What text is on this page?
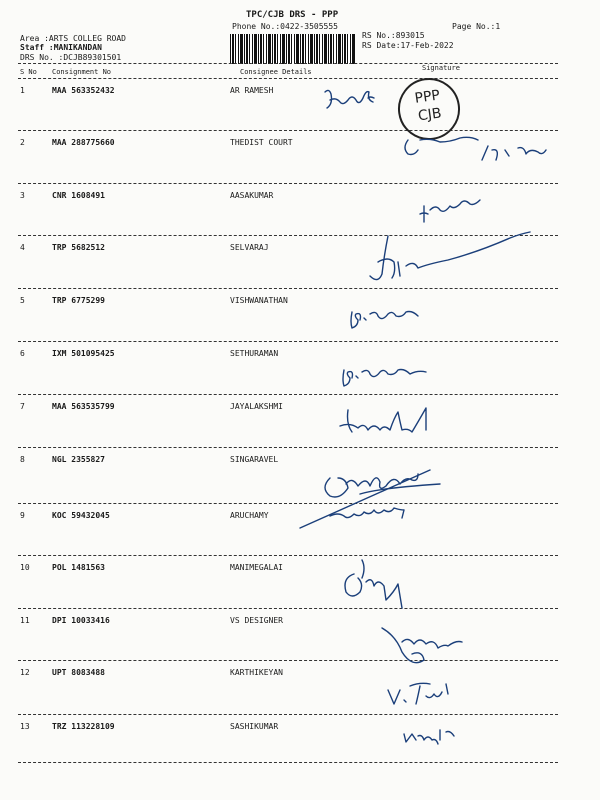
TPC/CJB DRS - PPP
Phone No.:0422-3505555	Page No.:1
Area :ARTS COLLEG ROAD
Staff :MANIKANDAN
DRS No. :DCJB89301501
RS No.:893015
RS Date:17-Feb-2022
S No Consignment No	Consignee Details	Signature
1	MAA 563352432	AR RAMESH
2	MAA 288775660	THEDIST COURT
3	CNR 1608491	AASAKUMAR
4	TRP 5682512	SELVARAJ
5	TRP 6775299	VISHWANATHAN
6	IXM 501095425	SETHURAMAN
7	MAA 563535799	JAYALAKSHMI
8	NGL 2355827	SINGARAVEL
9	KOC 59432045	ARUCHAMY
10	POL 1481563	MANIMEGALAI
11	DPI 10033416	VS DESIGNER
12	UPT 8083488	KARTHIKEYAN
13	TRZ 113228109	SASHIKUMAR
PPP
CJB
